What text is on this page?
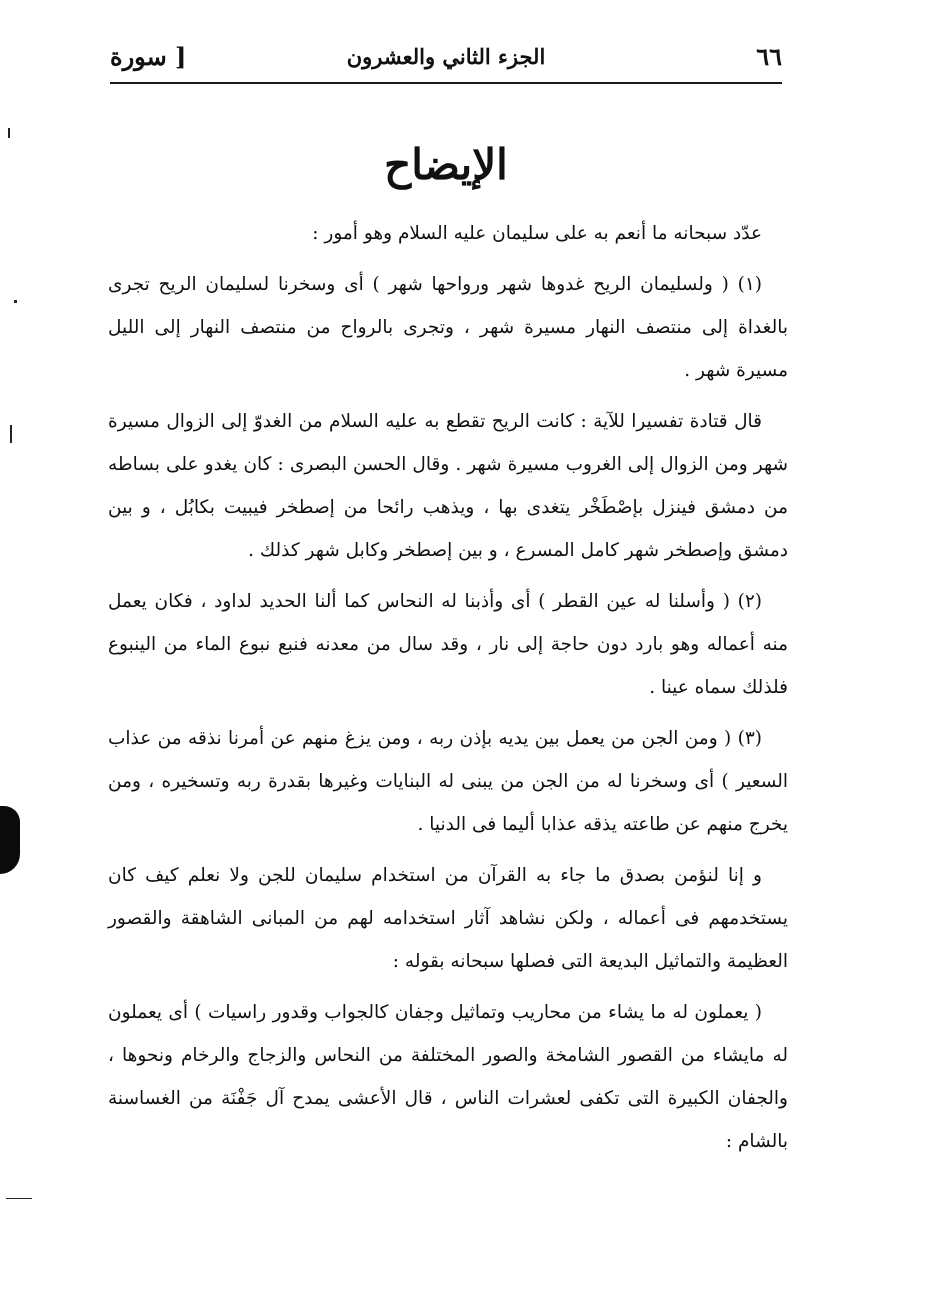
٦٦
الجزء الثاني والعشرون
[ سورة
الإيضاح

عدّد سبحانه ما أنعم به على سليمان عليه السلام وهو أمور :

(١) ( ولسليمان الريح غدوها شهر ورواحها شهر ) أى وسخرنا لسليمان الريح تجرى بالغداة إلى منتصف النهار مسيرة شهر ، وتجرى بالرواح من منتصف النهار إلى الليل مسيرة شهر .

قال قتادة تفسيرا للآية : كانت الريح تقطع به عليه السلام من الغدوّ إلى الزوال مسيرة شهر ومن الزوال إلى الغروب مسيرة شهر . وقال الحسن البصرى : كان يغدو على بساطه من دمشق فينزل بإصْطَخْر يتغدى بها ، ويذهب رائحا من إصطخر فيبيت بكابُل ، و بين دمشق وإصطخر شهر كامل المسرع ، و بين إصطخر وكابل شهر كذلك .

(٢) ( وأسلنا له عين القطر ) أى وأذبنا له النحاس كما ألنا الحديد لداود ، فكان يعمل منه أعماله وهو بارد دون حاجة إلى نار ، وقد سال من معدنه فنبع نبوع الماء من الينبوع فلذلك سماه عينا .

(٣) ( ومن الجن من يعمل بين يديه بإذن ربه ، ومن يزغ منهم عن أمرنا نذقه من عذاب السعير ) أى وسخرنا له من الجن من يبنى له البنايات وغيرها بقدرة ربه وتسخيره ، ومن يخرج منهم عن طاعته يذقه عذابا أليما فى الدنيا .

و إنا لنؤمن بصدق ما جاء به القرآن من استخدام سليمان للجن ولا نعلم كيف كان يستخدمهم فى أعماله ، ولكن نشاهد آثار استخدامه لهم من المبانى الشاهقة والقصور العظيمة والتماثيل البديعة التى فصلها سبحانه بقوله :

( يعملون له ما يشاء من محاريب وتماثيل وجفان كالجواب وقدور راسيات ) أى يعملون له مايشاء من القصور الشامخة والصور المختلفة من النحاس والزجاج والرخام ونحوها ، والجفان الكبيرة التى تكفى لعشرات الناس ، قال الأعشى يمدح آل جَفْنَة من الغساسنة بالشام :
